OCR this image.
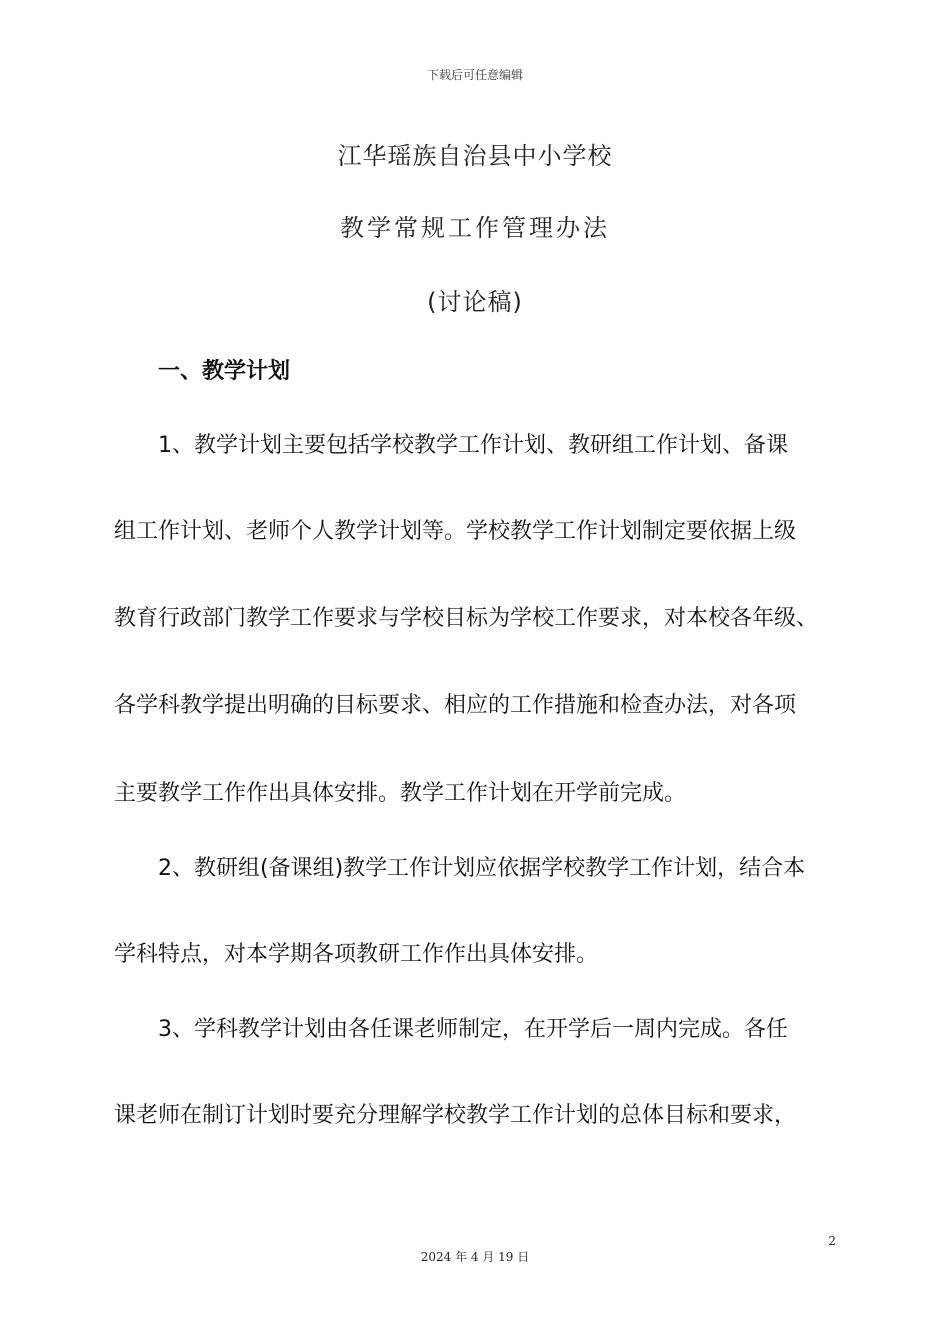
下载后可任意编辑
江华瑶族自治县中小学校
教学常规工作管理办法
(讨论稿)
一、教学计划
1、教学计划主要包括学校教学工作计划、教研组工作计划、备课
组工作计划、老师个人教学计划等。学校教学工作计划制定要依据上级
教育行政部门教学工作要求与学校目标为学校工作要求，对本校各年级、
各学科教学提出明确的目标要求、相应的工作措施和检查办法，对各项
主要教学工作作出具体安排。教学工作计划在开学前完成。
2、教研组(备课组)教学工作计划应依据学校教学工作计划，结合本
学科特点，对本学期各项教研工作作出具体安排。
3、学科教学计划由各任课老师制定，在开学后一周内完成。各任
课老师在制订计划时要充分理解学校教学工作计划的总体目标和要求，
2
2024 年 4 月 19 日
